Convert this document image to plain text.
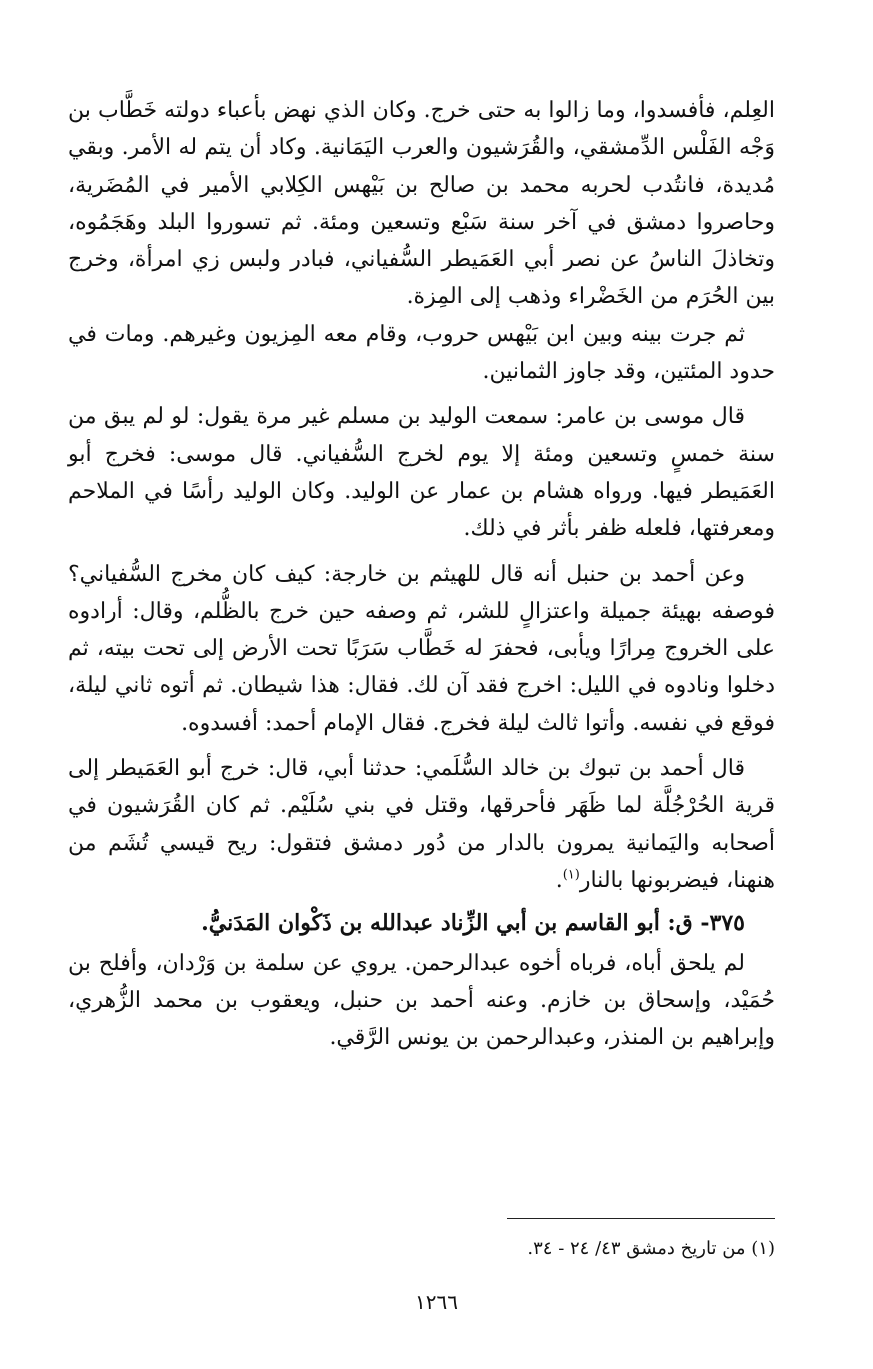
العِلم، فأفسدوا، وما زالوا به حتى خرج. وكان الذي نهض بأعباء دولته خَطَّاب بن وَجْه الفَلْس الدِّمشقي، والقُرَشيون والعرب اليَمَانية. وكاد أن يتم له الأمر. وبقي مُديدة، فانتُدب لحربه محمد بن صالح بن بَيْهس الكِلابي الأمير في المُضَرية، وحاصروا دمشق في آخر سنة سَبْع وتسعين ومئة. ثم تسوروا البلد وهَجَمُوه، وتخاذلَ الناسُ عن نصر أبي العَمَيطر السُّفياني، فبادر ولبس زي امرأة، وخرج بين الحُرَم من الخَضْراء وذهب إلى المِزة.

ثم جرت بينه وبين ابن بَيْهس حروب، وقام معه المِزيون وغيرهم. ومات في حدود المئتين، وقد جاوز الثمانين.

قال موسى بن عامر: سمعت الوليد بن مسلم غير مرة يقول: لو لم يبق من سنة خمسٍ وتسعين ومئة إلا يوم لخرج السُّفياني. قال موسى: فخرج أبو العَمَيطر فيها. ورواه هشام بن عمار عن الوليد. وكان الوليد رأسًا في الملاحم ومعرفتها، فلعله ظفر بأثر في ذلك.

وعن أحمد بن حنبل أنه قال للهيثم بن خارجة: كيف كان مخرج السُّفياني؟ فوصفه بهيئة جميلة واعتزالٍ للشر، ثم وصفه حين خرج بالظُّلم، وقال: أرادوه على الخروج مِرارًا ويأبى، فحفرَ له خَطَّاب سَرَبًا تحت الأرض إلى تحت بيته، ثم دخلوا ونادوه في الليل: اخرج فقد آن لك. فقال: هذا شيطان. ثم أتوه ثاني ليلة، فوقع في نفسه. وأتوا ثالث ليلة فخرج. فقال الإمام أحمد: أفسدوه.

قال أحمد بن تبوك بن خالد السُّلَمي: حدثنا أبي، قال: خرج أبو العَمَيطر إلى قرية الحُرْجُلَّة لما ظَهَر فأحرقها، وقتل في بني سُلَيْم. ثم كان القُرَشيون في أصحابه واليَمانية يمرون بالدار من دُور دمشق فتقول: ريح قيسي تُشَم من هنهنا، فيضربونها بالنار$^{(١)}$.

٣٧٥- ق: أبو القاسم بن أبي الزِّناد عبدالله بن ذَكْوان المَدَنيُّ.

لم يلحق أباه، فرباه أخوه عبدالرحمن. يروي عن سلمة بن وَرْدان، وأفلح بن حُمَيْد، وإسحاق بن خازم. وعنه أحمد بن حنبل، ويعقوب بن محمد الزُّهري، وإبراهيم بن المنذر، وعبدالرحمن بن يونس الرَّقي.

(١) من تاريخ دمشق ٤٣/ ٢٤ - ٣٤.
١٢٦٦
